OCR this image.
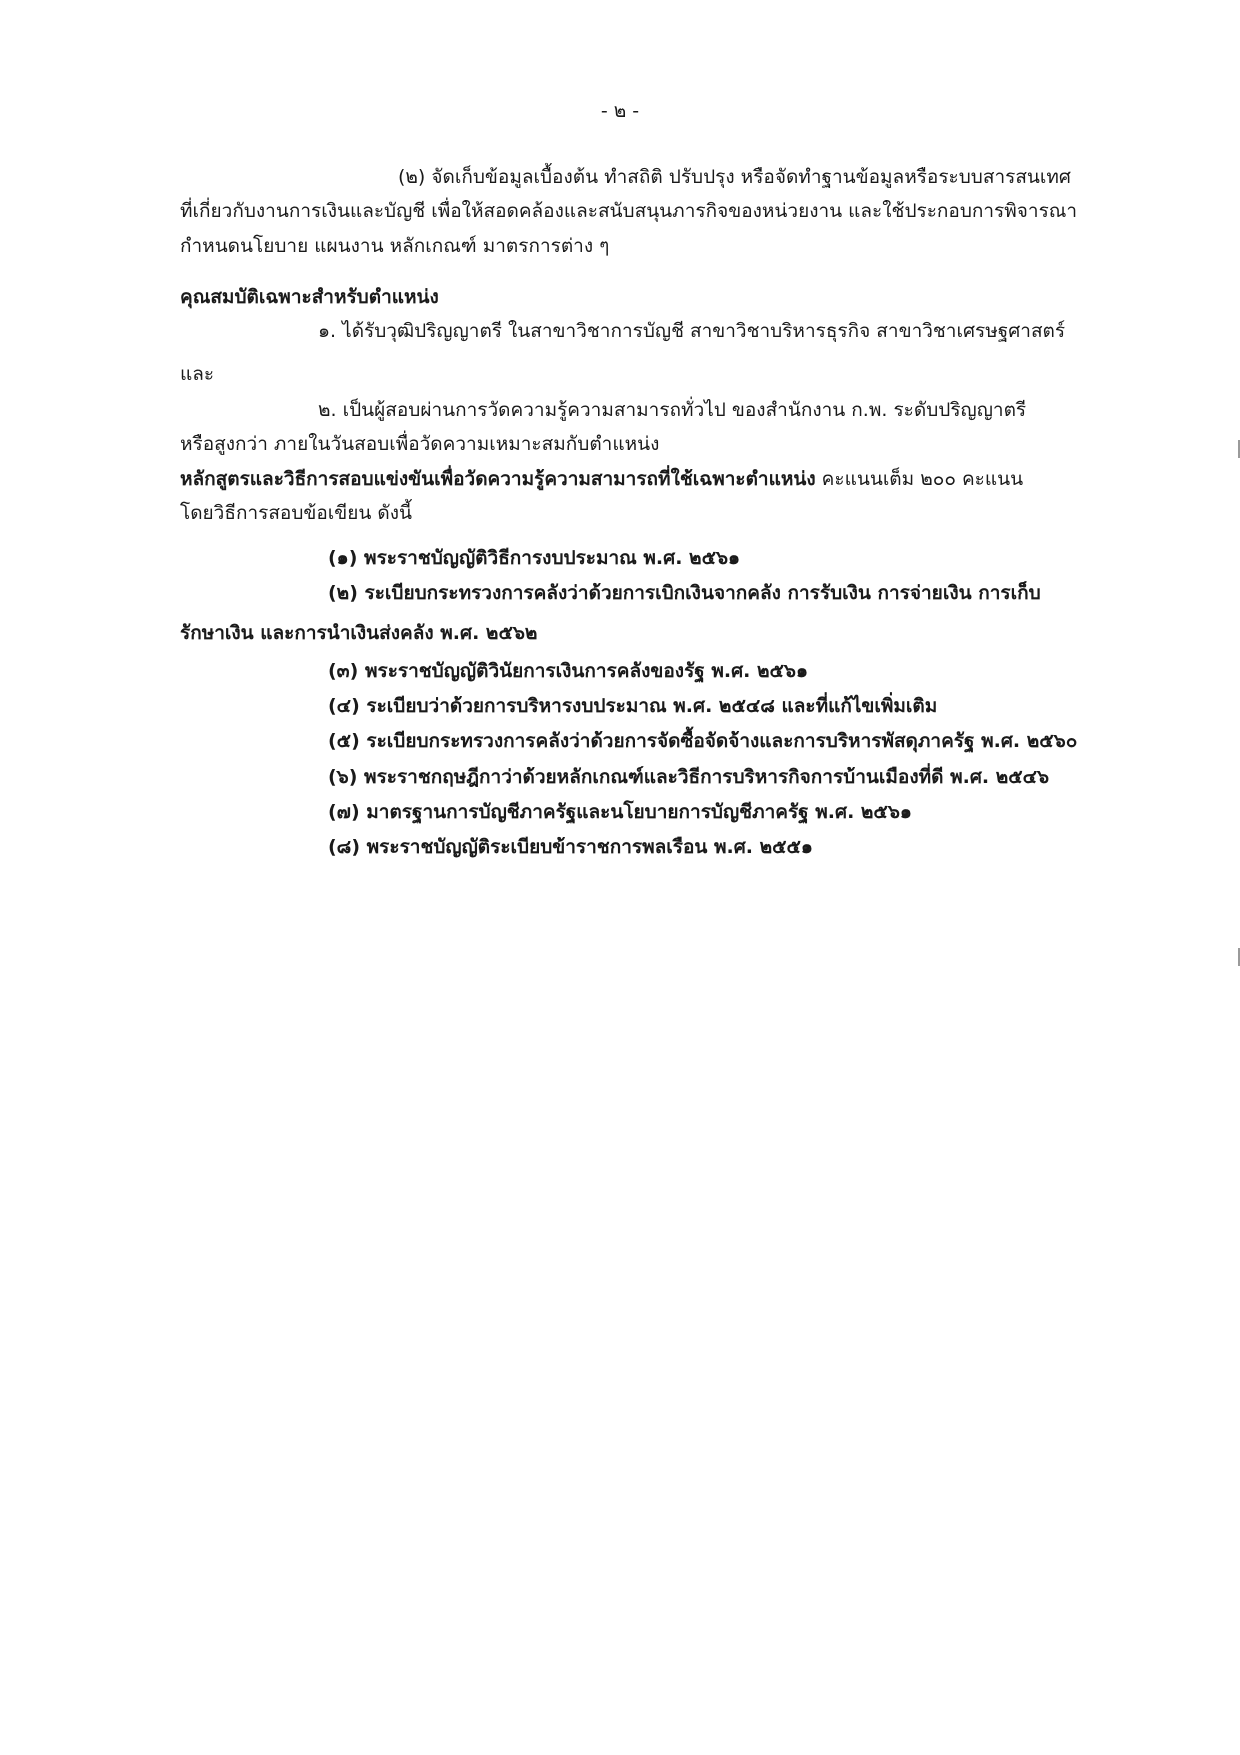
- ๒ -
(๒) จัดเก็บข้อมูลเบื้องต้น ทำสถิติ ปรับปรุง หรือจัดทำฐานข้อมูลหรือระบบสารสนเทศ
ที่เกี่ยวกับงานการเงินและบัญชี เพื่อให้สอดคล้องและสนับสนุนภารกิจของหน่วยงาน และใช้ประกอบการพิจารณา
กำหนดนโยบาย แผนงาน หลักเกณฑ์ มาตรการต่าง ๆ
คุณสมบัติเฉพาะสำหรับตำแหน่ง
๑. ได้รับวุฒิปริญญาตรี ในสาขาวิชาการบัญชี สาขาวิชาบริหารธุรกิจ สาขาวิชาเศรษฐศาสตร์
และ
๒. เป็นผู้สอบผ่านการวัดความรู้ความสามารถทั่วไป ของสำนักงาน ก.พ. ระดับปริญญาตรี
หรือสูงกว่า ภายในวันสอบเพื่อวัดความเหมาะสมกับตำแหน่ง
หลักสูตรและวิธีการสอบแข่งขันเพื่อวัดความรู้ความสามารถที่ใช้เฉพาะตำแหน่ง คะแนนเต็ม ๒๐๐ คะแนน
โดยวิธีการสอบข้อเขียน ดังนี้
(๑) พระราชบัญญัติวิธีการงบประมาณ พ.ศ. ๒๕๖๑
(๒) ระเบียบกระทรวงการคลังว่าด้วยการเบิกเงินจากคลัง การรับเงิน การจ่ายเงิน การเก็บ
รักษาเงิน และการนำเงินส่งคลัง พ.ศ. ๒๕๖๒
(๓) พระราชบัญญัติวินัยการเงินการคลังของรัฐ พ.ศ. ๒๕๖๑
(๔) ระเบียบว่าด้วยการบริหารงบประมาณ พ.ศ. ๒๕๔๘ และที่แก้ไขเพิ่มเติม
(๕) ระเบียบกระทรวงการคลังว่าด้วยการจัดซื้อจัดจ้างและการบริหารพัสดุภาครัฐ พ.ศ. ๒๕๖๐
(๖) พระราชกฤษฎีกาว่าด้วยหลักเกณฑ์และวิธีการบริหารกิจการบ้านเมืองที่ดี พ.ศ. ๒๕๔๖
(๗) มาตรฐานการบัญชีภาครัฐและนโยบายการบัญชีภาครัฐ พ.ศ. ๒๕๖๑
(๘) พระราชบัญญัติระเบียบข้าราชการพลเรือน พ.ศ. ๒๕๕๑
